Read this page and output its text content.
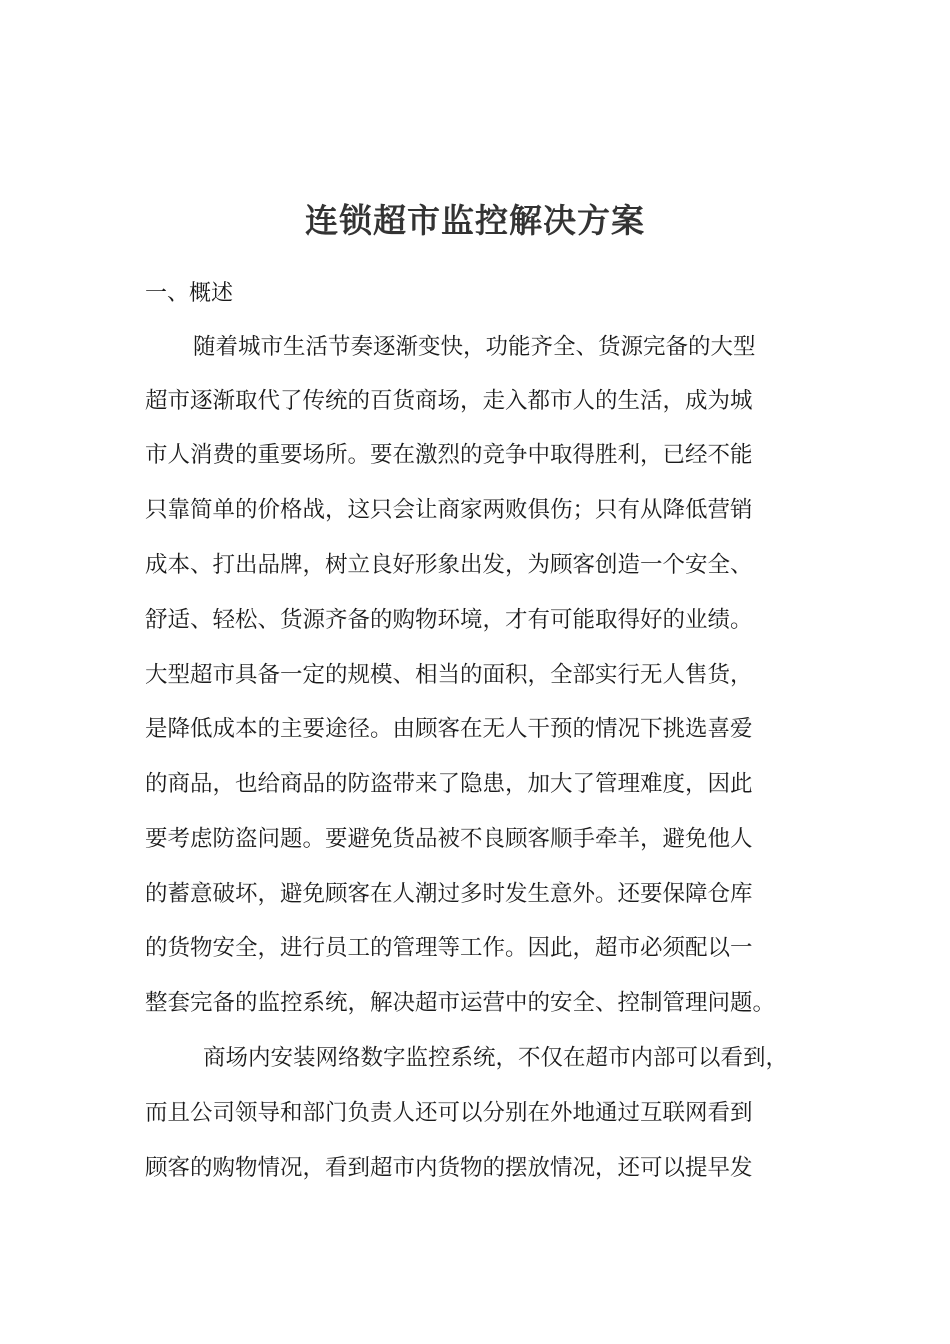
连锁超市监控解决方案
一、概述
随着城市生活节奏逐渐变快，功能齐全、货源完备的大型
超市逐渐取代了传统的百货商场，走入都市人的生活，成为城
市人消费的重要场所。要在激烈的竞争中取得胜利，已经不能
只靠简单的价格战，这只会让商家两败俱伤；只有从降低营销
成本、打出品牌，树立良好形象出发，为顾客创造一个安全、
舒适、轻松、货源齐备的购物环境，才有可能取得好的业绩。
大型超市具备一定的规模、相当的面积，全部实行无人售货，
是降低成本的主要途径。由顾客在无人干预的情况下挑选喜爱
的商品，也给商品的防盗带来了隐患，加大了管理难度，因此
要考虑防盗问题。要避免货品被不良顾客顺手牵羊，避免他人
的蓄意破坏，避免顾客在人潮过多时发生意外。还要保障仓库
的货物安全，进行员工的管理等工作。因此，超市必须配以一
整套完备的监控系统，解决超市运营中的安全、控制管理问题。
商场内安装网络数字监控系统，不仅在超市内部可以看到，
而且公司领导和部门负责人还可以分别在外地通过互联网看到
顾客的购物情况，看到超市内货物的摆放情况，还可以提早发
